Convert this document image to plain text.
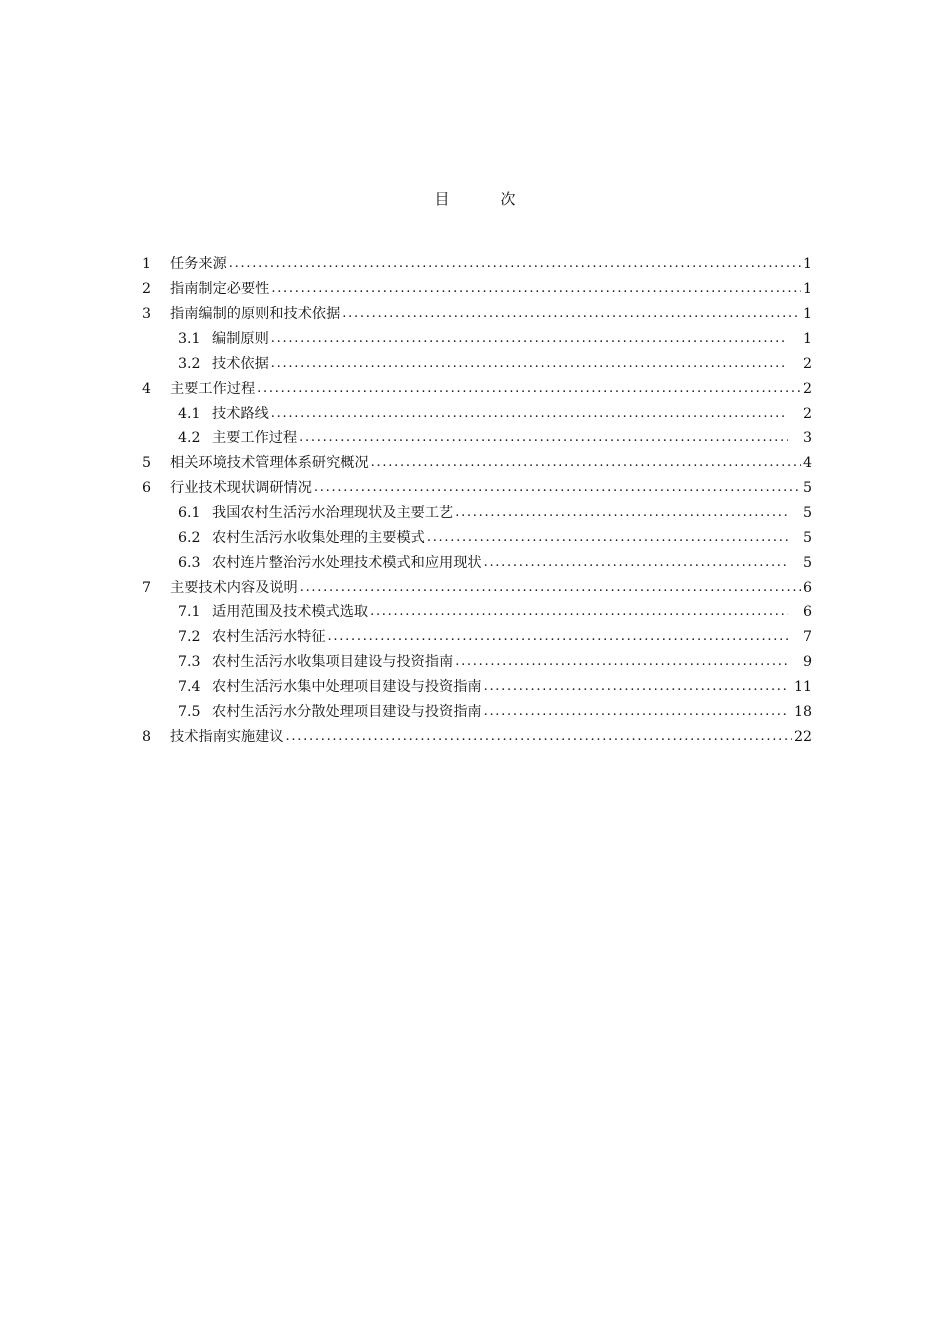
目　次
1	任务来源 . . .	1
2	指南制定必要性 . . .	1
3	指南编制的原则和技术依据 . . .	1
3.1 编制原则 . . .	1
3.2 技术依据 . . .	2
4	主要工作过程 . . .	2
4.1 技术路线 . . .	2
4.2 主要工作过程 . . .	3
5	相关环境技术管理体系研究概况 . . .	4
6	行业技术现状调研情况 . . .	5
6.1 我国农村生活污水治理现状及主要工艺 . . .	5
6.2 农村生活污水收集处理的主要模式 . . .	5
6.3 农村连片整治污水处理技术模式和应用现状 . . .	5
7	主要技术内容及说明 . . .	6
7.1 适用范围及技术模式选取 . . .	6
7.2 农村生活污水特征 . . .	7
7.3 农村生活污水收集项目建设与投资指南 . . .	9
7.4 农村生活污水集中处理项目建设与投资指南 . . .	11
7.5 农村生活污水分散处理项目建设与投资指南 . . .	18
8	技术指南实施建议 . . .	22
